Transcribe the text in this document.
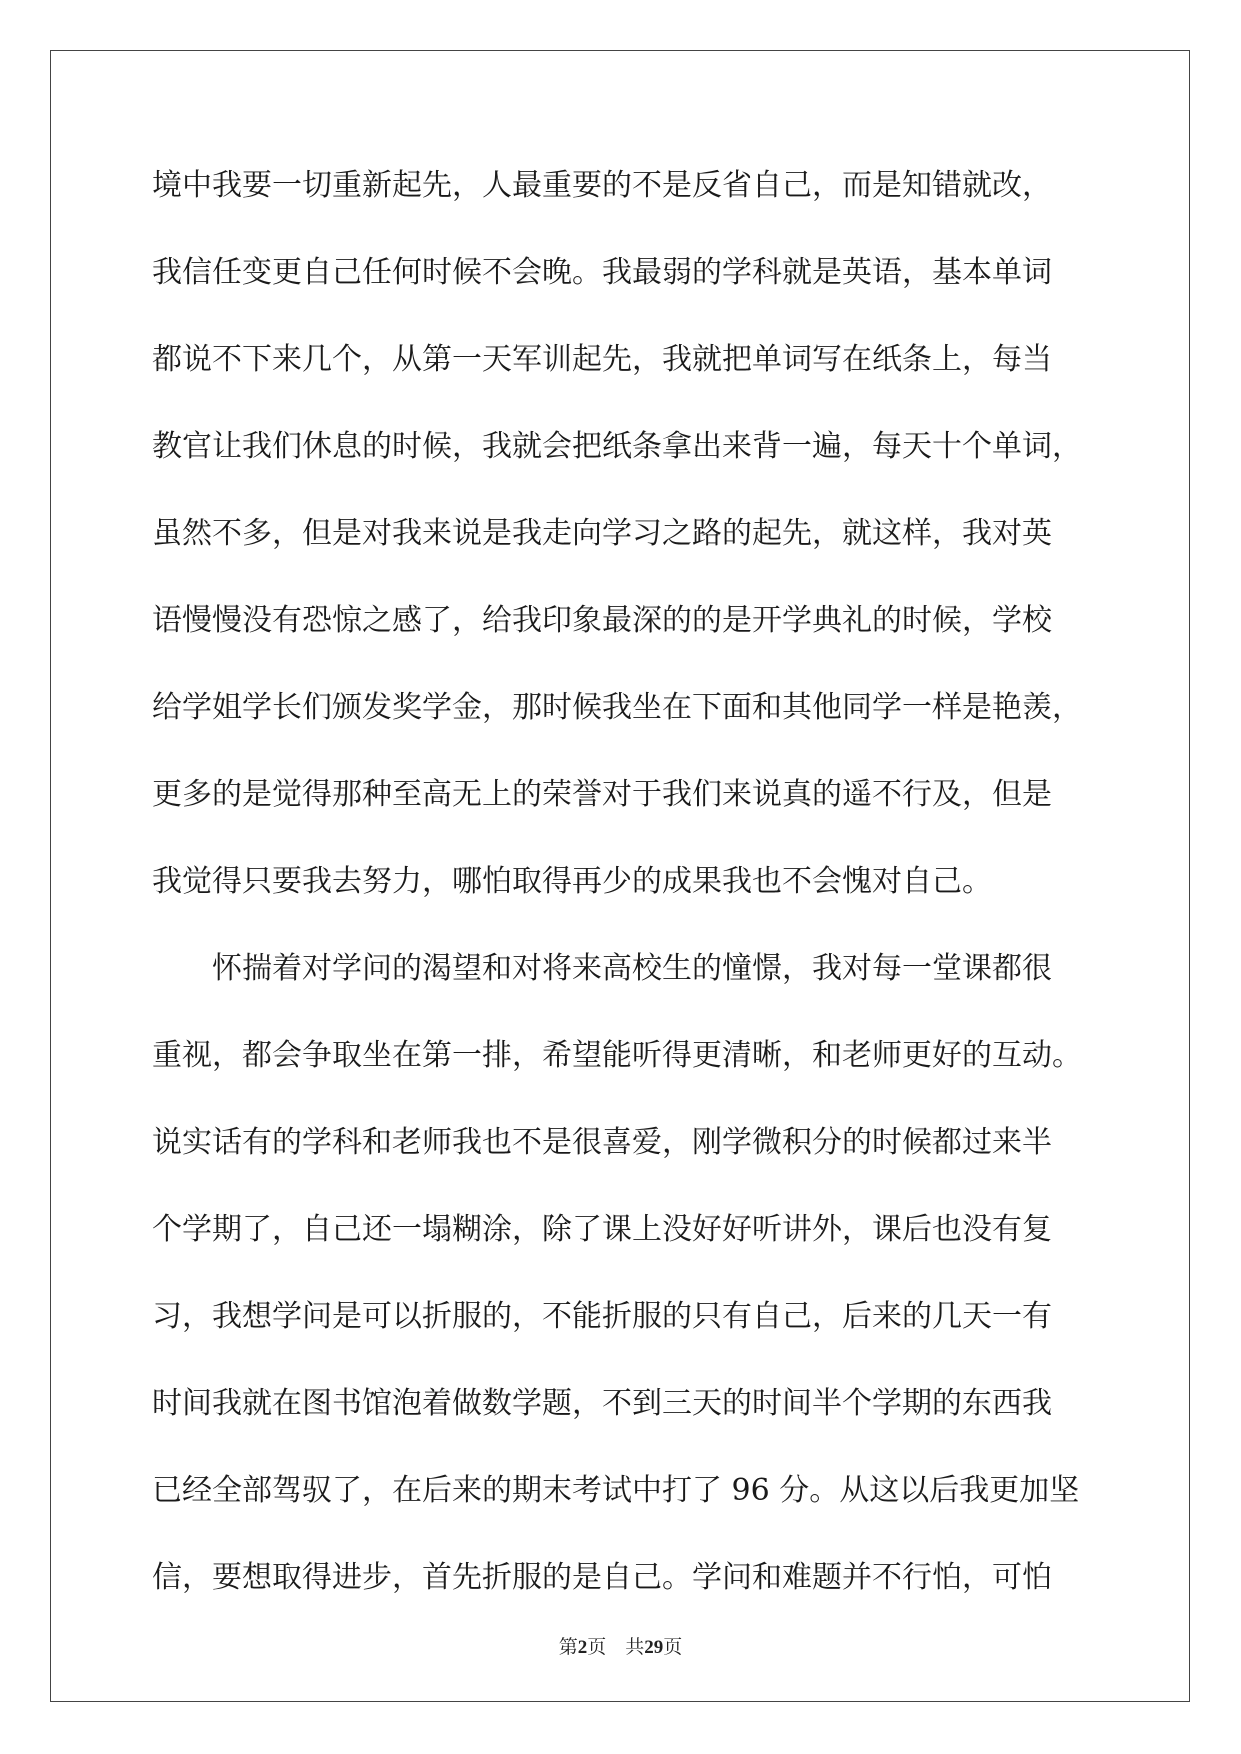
境中我要一切重新起先，人最重要的不是反省自己，而是知错就改，
我信任变更自己任何时候不会晚。我最弱的学科就是英语，基本单词
都说不下来几个，从第一天军训起先，我就把单词写在纸条上，每当
教官让我们休息的时候，我就会把纸条拿出来背一遍，每天十个单词，
虽然不多，但是对我来说是我走向学习之路的起先，就这样，我对英
语慢慢没有恐惊之感了，给我印象最深的的是开学典礼的时候，学校
给学姐学长们颁发奖学金，那时候我坐在下面和其他同学一样是艳羡，
更多的是觉得那种至高无上的荣誉对于我们来说真的遥不行及，但是
我觉得只要我去努力，哪怕取得再少的成果我也不会愧对自己。
　　怀揣着对学问的渴望和对将来高校生的憧憬，我对每一堂课都很
重视，都会争取坐在第一排，希望能听得更清晰，和老师更好的互动。
说实话有的学科和老师我也不是很喜爱，刚学微积分的时候都过来半
个学期了，自己还一塌糊涂，除了课上没好好听讲外，课后也没有复
习，我想学问是可以折服的，不能折服的只有自己，后来的几天一有
时间我就在图书馆泡着做数学题，不到三天的时间半个学期的东西我
已经全部驾驭了，在后来的期末考试中打了 96 分。从这以后我更加坚
信，要想取得进步，首先折服的是自己。学问和难题并不行怕，可怕
第2页 共29页
